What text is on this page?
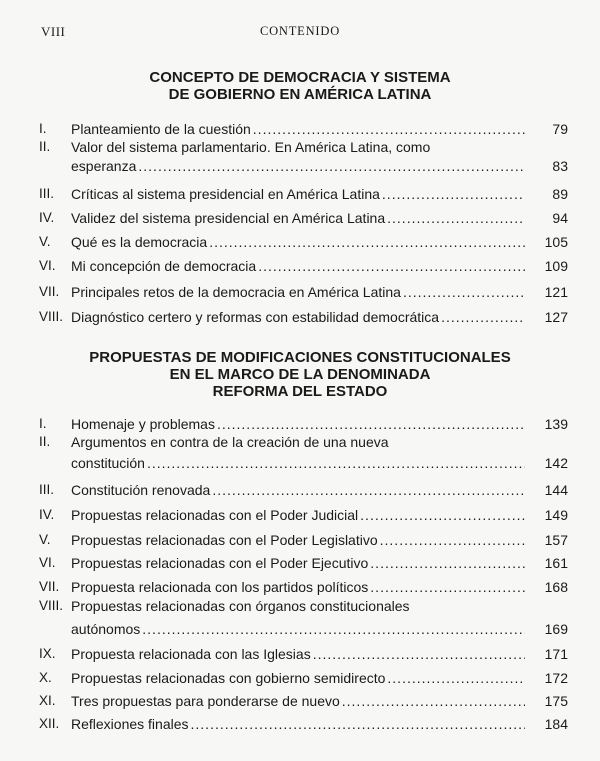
VIII	CONTENIDO

CONCEPTO DE DEMOCRACIA Y SISTEMA

DE GOBIERNO EN AMÉRICA LATINA

I. Planteamiento de la cuestión .....	79
II. Valor del sistema parlamentario. En América Latina, como
esperanza .....	83
III. Críticas al sistema presidencial en América Latina .....	89
IV. Validez del sistema presidencial en América Latina .....	94
V. Qué es la democracia .....	105
VI. Mi concepción de democracia .....	109
VII. Principales retos de la democracia en América Latina .....	121
VIII. Diagnóstico certero y reformas con estabilidad democrática .....	127

PROPUESTAS DE MODIFICACIONES CONSTITUCIONALES

EN EL MARCO DE LA DENOMINADA

REFORMA DEL ESTADO

I. Homenaje y problemas .....	139
II. Argumentos en contra de la creación de una nueva
constitución .....	142
III. Constitución renovada .....	144
IV. Propuestas relacionadas con el Poder Judicial .....	149
V. Propuestas relacionadas con el Poder Legislativo .....	157
VI. Propuestas relacionadas con el Poder Ejecutivo .....	161
VII. Propuesta relacionada con los partidos políticos .....	168
VIII. Propuestas relacionadas con órganos constitucionales
autónomos .....	169
IX. Propuesta relacionada con las Iglesias .....	171
X. Propuestas relacionadas con gobierno semidirecto .....	172
XI. Tres propuestas para ponderarse de nuevo .....	175
XII. Reflexiones finales .....	184
